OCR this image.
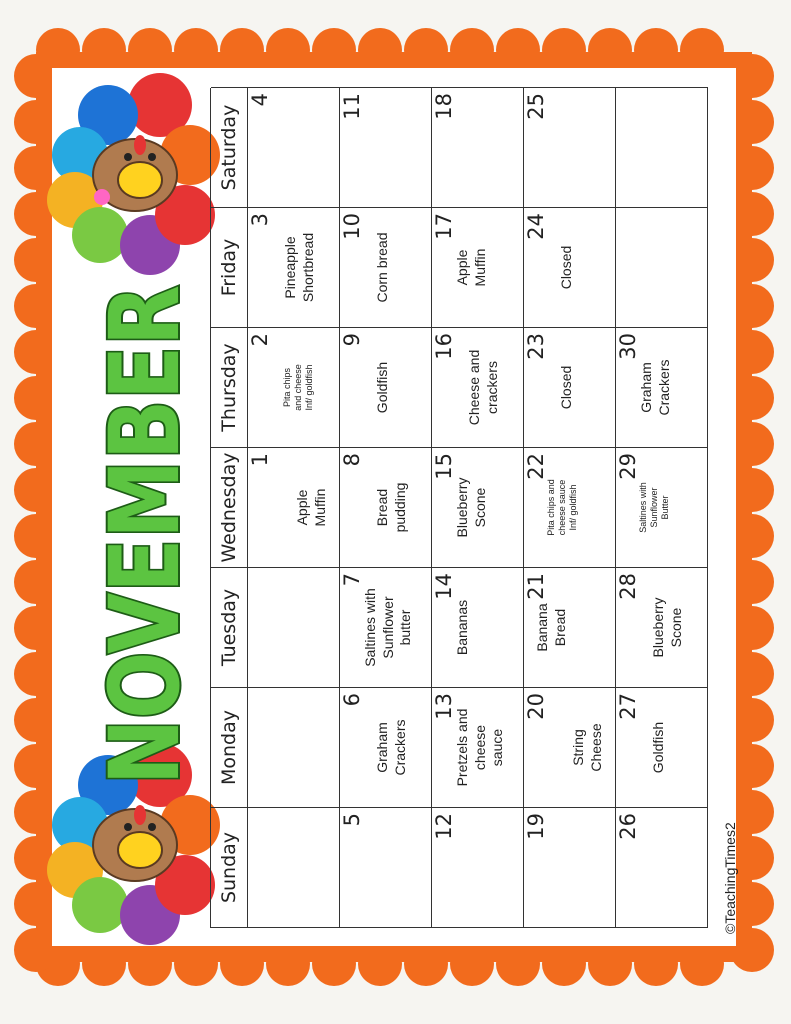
NOVEMBER
Sunday
Monday
Tuesday
Wednesday
Thursday
Friday
Saturday
1
Apple
Muffin
2
Pita chips
and cheese
Inf/ goldfish
3
Pineapple
Shortbread
4
5
6
Graham
Crackers
7
Saltines with
Sunflower
butter
8
Bread
pudding
9
Goldfish
10
Corn bread
11
12
13
Pretzels and
cheese
sauce
14
Bananas
15
Blueberry
Scone
16
Cheese and
crackers
17
Apple
Muffin
18
19
20
String
Cheese
21
Banana
Bread
22
Pita chips and
cheese sauce
Inf/ goldfish
23
Closed
24
Closed
25
26
27
Goldfish
28
Blueberry
Scone
29
Saltines with
Sunflower
Butter
30
Graham
Crackers
©TeachingTimes2
